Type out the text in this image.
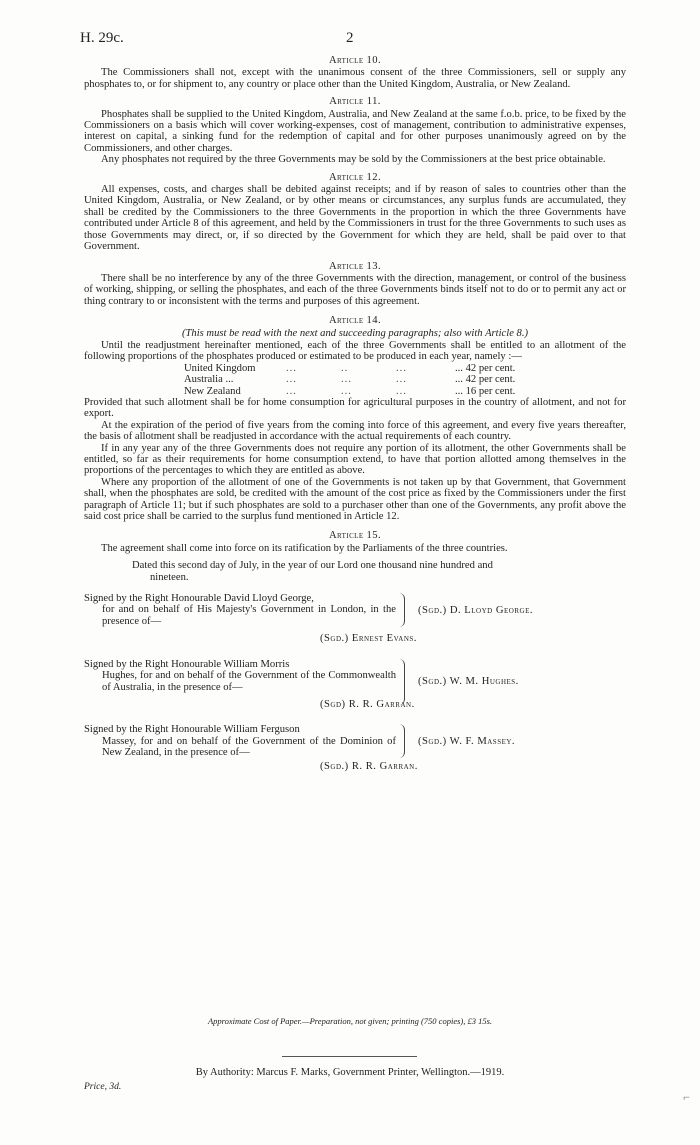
H. 29c.	2
Article 10.

The Commissioners shall not, except with the unanimous consent of the three Commissioners, sell or supply any phosphates to, or for shipment to, any country or place other than the United Kingdom, Australia, or New Zealand.

Article 11.

Phosphates shall be supplied to the United Kingdom, Australia, and New Zealand at the same f.o.b. price, to be fixed by the Commissioners on a basis which will cover working-expenses, cost of management, contribution to administrative expenses, interest on capital, a sinking fund for the redemption of capital and for other purposes unanimously agreed on by the Commissioners, and other charges.

Any phosphates not required by the three Governments may be sold by the Commissioners at the best price obtainable.

Article 12.

All expenses, costs, and charges shall be debited against receipts; and if by reason of sales to countries other than the United Kingdom, Australia, or New Zealand, or by other means or circumstances, any surplus funds are accumulated, they shall be credited by the Commissioners to the three Governments in the proportion in which the three Governments have contributed under Article 8 of this agreement, and held by the Commissioners in trust for the three Governments to such uses as those Governments may direct, or, if so directed by the Government for which they are held, shall be paid over to that Government.

Article 13.

There shall be no interference by any of the three Governments with the direction, management, or control of the business of working, shipping, or selling the phosphates, and each of the three Governments binds itself not to do or to permit any act or thing contrary to or inconsistent with the terms and purposes of this agreement.

Article 14.
(This must be read with the next and succeeding paragraphs; also with Article 8.)

Until the readjustment hereinafter mentioned, each of the three Governments shall be entitled to an allotment of the following proportions of the phosphates produced or estimated to be produced in each year, namely :—

United Kingdom	...	..	...	... 42 per cent.
Australia ...	...	...	...	... 42 per cent.
New Zealand	...	...	...	... 16 per cent.

Provided that such allotment shall be for home consumption for agricultural purposes in the country of allotment, and not for export.

At the expiration of the period of five years from the coming into force of this agreement, and every five years thereafter, the basis of allotment shall be readjusted in accordance with the actual requirements of each country.

If in any year any of the three Governments does not require any portion of its allotment, the other Governments shall be entitled, so far as their requirements for home consumption extend, to have that portion allotted among themselves in the proportions of the percentages to which they are entitled as above.

Where any proportion of the allotment of one of the Governments is not taken up by that Government, that Government shall, when the phosphates are sold, be credited with the amount of the cost price as fixed by the Commissioners under the first paragraph of Article 11; but if such phosphates are sold to a purchaser other than one of the Governments, any profit above the said cost price shall be carried to the surplus fund mentioned in Article 12.

Article 15.

The agreement shall come into force on its ratification by the Parliaments of the three countries.

Dated this second day of July, in the year of our Lord one thousand nine hundred and
nineteen.
Signed by the Right Honourable David Lloyd George,
for and on behalf of His Majesty's Government in London, in the presence of—
(Sgd.) D. Lloyd George.
(Sgd.) Ernest Evans.
Signed by the Right Honourable William Morris
Hughes, for and on behalf of the Government of the Commonwealth of Australia, in the presence of—
(Sgd.) W. M. Hughes.
(Sgd) R. R. Garran.
Signed by the Right Honourable William Ferguson
Massey, for and on behalf of the Government of the Dominion of New Zealand, in the presence of—
(Sgd.) W. F. Massey.
(Sgd.) R. R. Garran.
Approximate Cost of Paper.—Preparation, not given; printing (750 copies), £3 15s.
By Authority: Marcus F. Marks, Government Printer, Wellington.—1919.
Price, 3d.
⌐
